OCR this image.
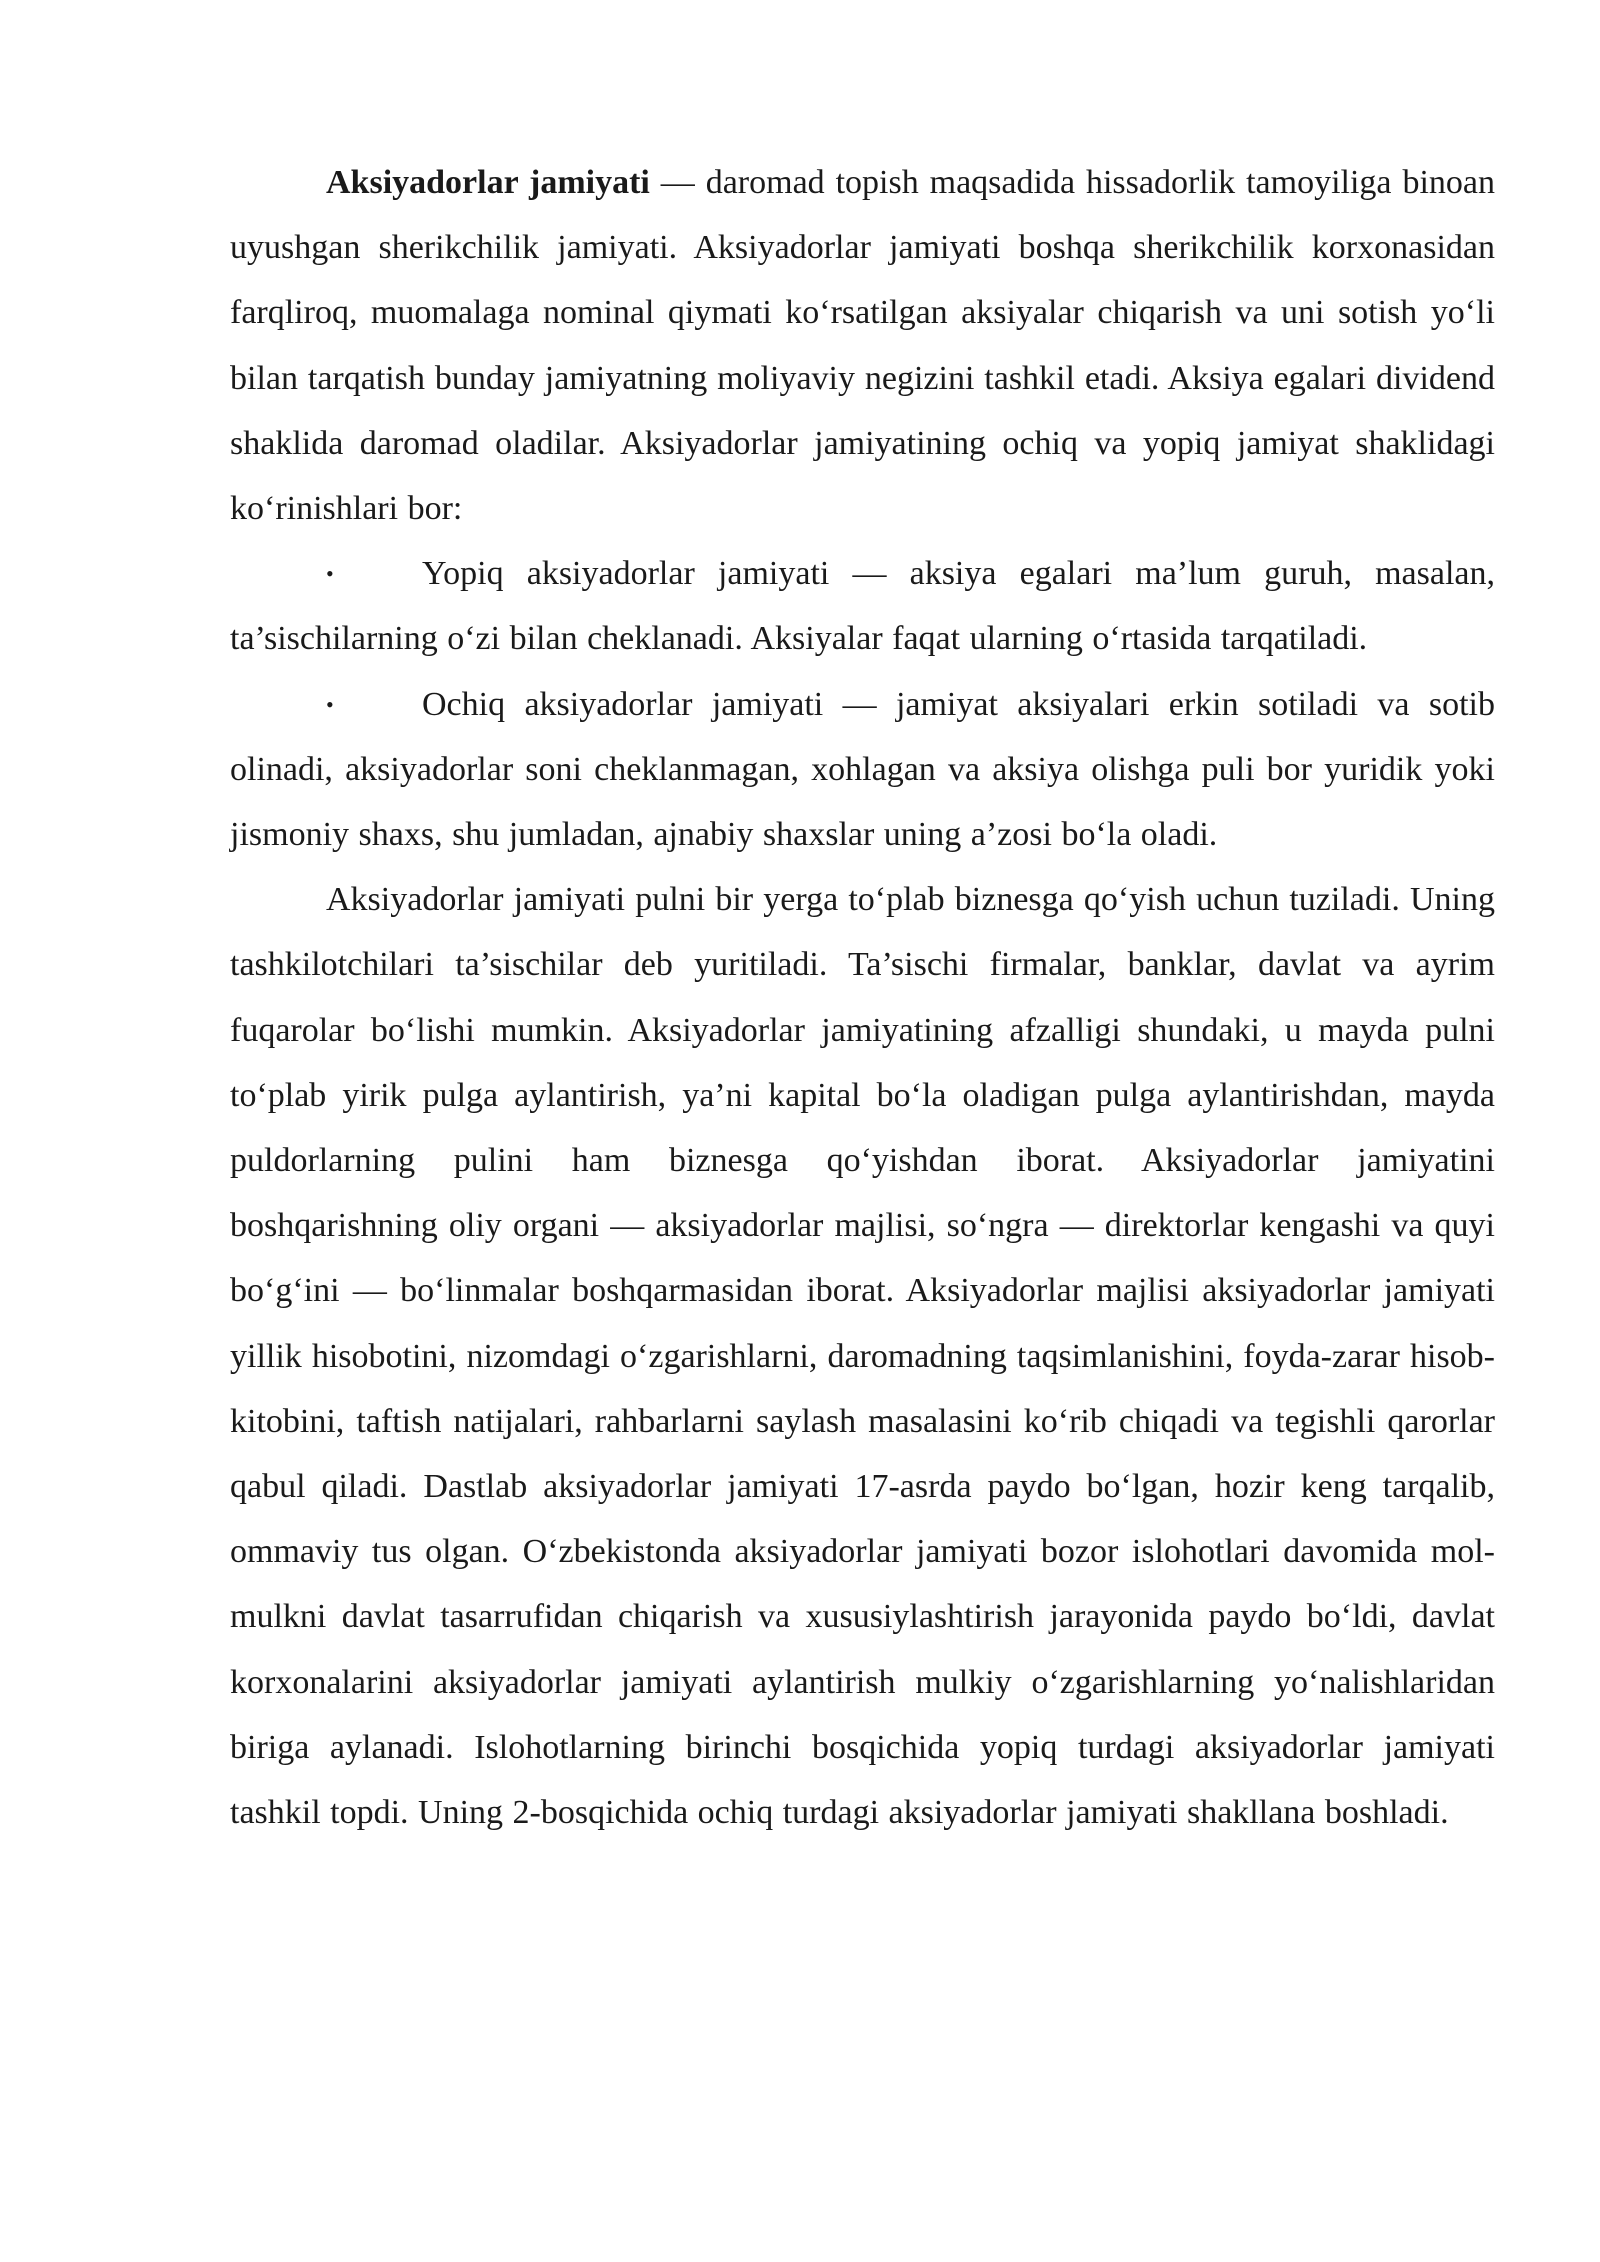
Aksiyadorlar jamiyati — daromad topish maqsadida hissadorlik tamoyiliga binoan uyushgan sherikchilik jamiyati. Aksiyadorlar jamiyati boshqa sherikchilik korxonasidan farqliroq, muomalaga nominal qiymati koʻrsatilgan aksiyalar chiqarish va uni sotish yoʻli bilan tarqatish bunday jamiyatning moliyaviy negizini tashkil etadi. Aksiya egalari dividend shaklida daromad oladilar. Aksiyadorlar jamiyatining ochiq va yopiq jamiyat shaklidagi koʻrinishlari bor:

•	Yopiq aksiyadorlar jamiyati — aksiya egalari ma’lum guruh, masalan, ta’sischilarning oʻzi bilan cheklanadi. Aksiyalar faqat ularning oʻrtasida tarqatiladi.

•	Ochiq aksiyadorlar jamiyati — jamiyat aksiyalari erkin sotiladi va sotib olinadi, aksiyadorlar soni cheklanmagan, xohlagan va aksiya olishga puli bor yuridik yoki jismoniy shaxs, shu jumladan, ajnabiy shaxslar uning a’zosi boʻla oladi.

Aksiyadorlar jamiyati pulni bir yerga toʻplab biznesga qoʻyish uchun tuziladi. Uning tashkilotchilari ta’sischilar deb yuritiladi. Ta’sischi firmalar, banklar, davlat va ayrim fuqarolar boʻlishi mumkin. Aksiyadorlar jamiyatining afzalligi shundaki, u mayda pulni toʻplab yirik pulga aylantirish, ya’ni kapital boʻla oladigan pulga aylantirishdan, mayda puldorlarning pulini ham biznesga qoʻyishdan iborat. Aksiyadorlar jamiyatini boshqarishning oliy organi — aksiyadorlar majlisi, soʻngra — direktorlar kengashi va quyi boʻgʻini — boʻlinmalar boshqarmasidan iborat. Aksiyadorlar majlisi aksiyadorlar jamiyati yillik hisobotini, nizomdagi oʻzgarishlarni, daromadning taqsimlanishini, foyda-zarar hisob-kitobini, taftish natijalari, rahbarlarni saylash masalasini koʻrib chiqadi va tegishli qarorlar qabul qiladi. Dastlab aksiyadorlar jamiyati 17-asrda paydo boʻlgan, hozir keng tarqalib, ommaviy tus olgan. Oʻzbekistonda aksiyadorlar jamiyati bozor islohotlari davomida mol-mulkni davlat tasarrufidan chiqarish va xususiylashtirish jarayonida paydo boʻldi, davlat korxonalarini aksiyadorlar jamiyati aylantirish mulkiy oʻzgarishlarning yoʻnalishlaridan biriga aylanadi. Islohotlarning birinchi bosqichida yopiq turdagi aksiyadorlar jamiyati tashkil topdi. Uning 2-bosqichida ochiq turdagi aksiyadorlar jamiyati shakllana boshladi.
